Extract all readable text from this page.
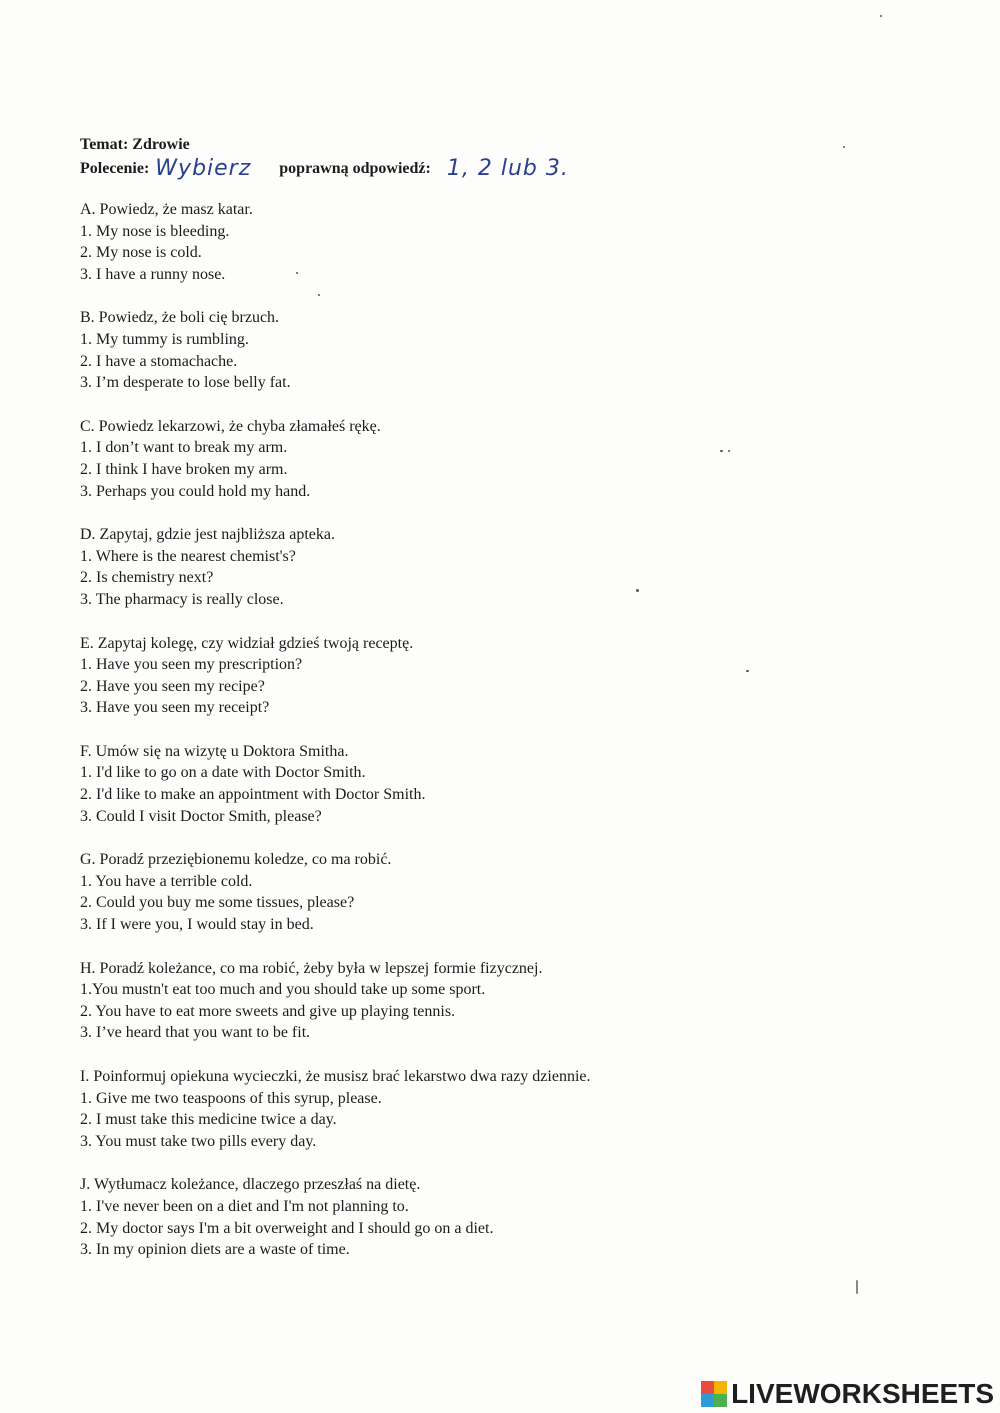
Temat: Zdrowie
Polecenie: Wybierz poprawną odpowiedź: 1, 2 lub 3.
A. Powiedz, że masz katar.
1. My nose is bleeding.
2. My nose is cold.
3. I have a runny nose.
B. Powiedz, że boli cię brzuch.
1. My tummy is rumbling.
2. I have a stomachache.
3. I’m desperate to lose belly fat.
C. Powiedz lekarzowi, że chyba złamałeś rękę.
1. I don’t want to break my arm.
2. I think I have broken my arm.
3. Perhaps you could hold my hand.
D. Zapytaj, gdzie jest najbliższa apteka.
1. Where is the nearest chemist's?
2. Is chemistry next?
3. The pharmacy is really close.
E. Zapytaj kolegę, czy widział gdzieś twoją receptę.
1. Have you seen my prescription?
2. Have you seen my recipe?
3. Have you seen my receipt?
F. Umów się na wizytę u Doktora Smitha.
1. I'd like to go on a date with Doctor Smith.
2. I'd like to make an appointment with Doctor Smith.
3. Could I visit Doctor Smith, please?
G. Poradź przeziębionemu koledze, co ma robić.
1. You have a terrible cold.
2. Could you buy me some tissues, please?
3. If I were you, I would stay in bed.
H. Poradź koleżance, co ma robić, żeby była w lepszej formie fizycznej.
1.You mustn't eat too much and you should take up some sport.
2. You have to eat more sweets and give up playing tennis.
3. I’ve heard that you want to be fit.
I. Poinformuj opiekuna wycieczki, że musisz brać lekarstwo dwa razy dziennie.
1. Give me two teaspoons of this syrup, please.
2. I must take this medicine twice a day.
3. You must take two pills every day.
J. Wytłumacz koleżance, dlaczego przeszłaś na dietę.
1. I've never been on a diet and I'm not planning to.
2. My doctor says I'm a bit overweight and I should go on a diet.
3. In my opinion diets are a waste of time.
LIVEWORKSHEETS
